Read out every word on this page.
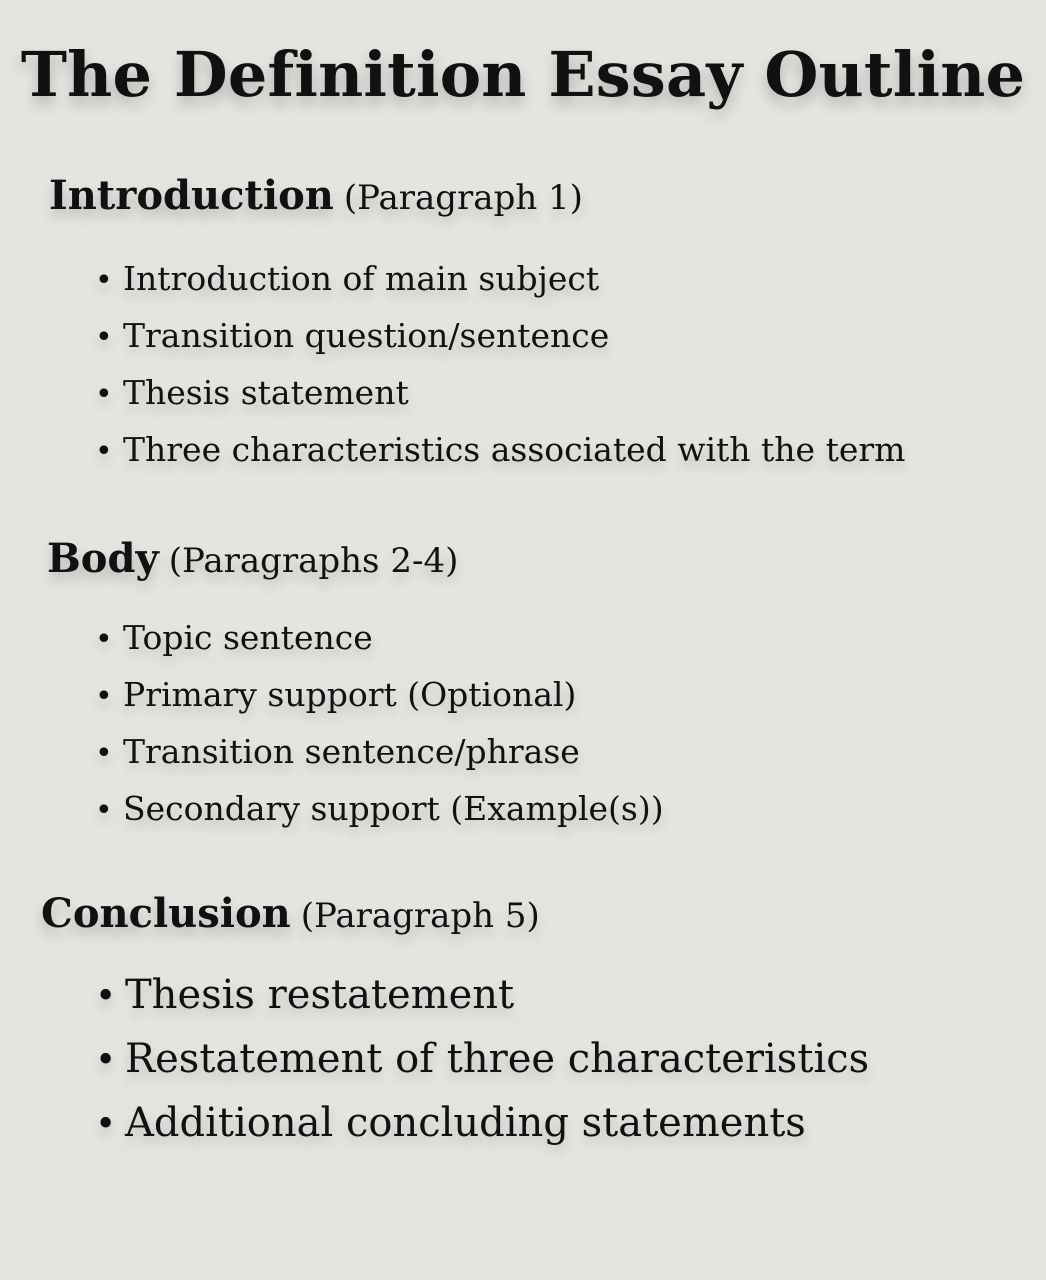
The Definition Essay Outline
Introduction (Paragraph 1)
• Introduction of main subject
• Transition question/sentence
• Thesis statement
• Three characteristics associated with the term
Body (Paragraphs 2-4)
• Topic sentence
• Primary support (Optional)
• Transition sentence/phrase
• Secondary support (Example(s))
Conclusion (Paragraph 5)
• Thesis restatement
• Restatement of three characteristics
• Additional concluding statements
